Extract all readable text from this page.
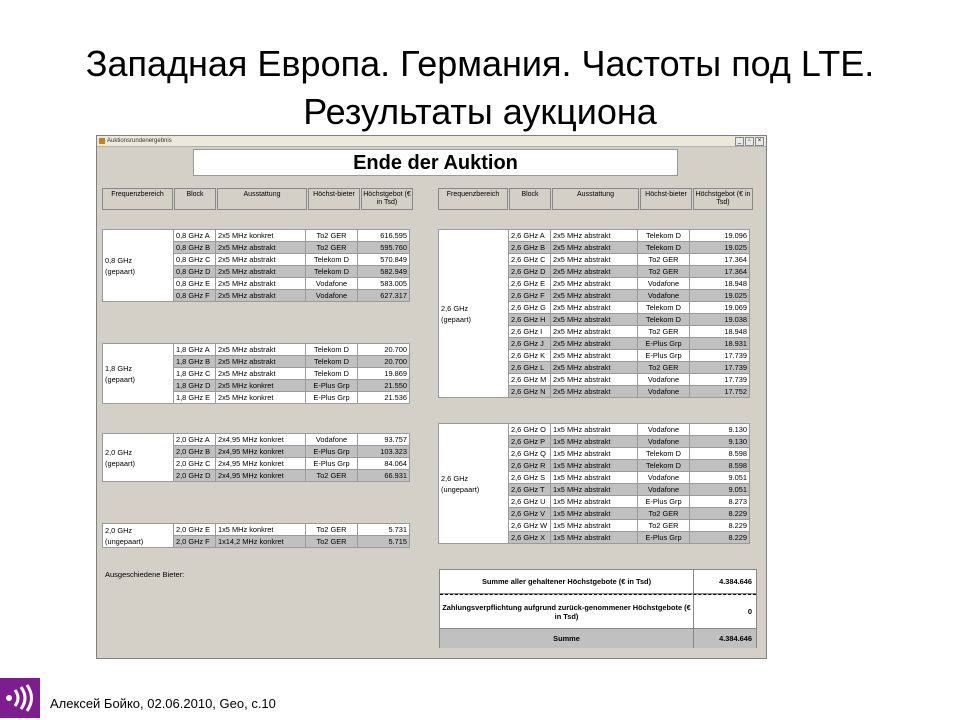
Западная Европа. Германия. Частоты под LTE. Результаты аукциона
Auktionsrundenergebnis	_	▫	×
Ende der Auktion
Frequenzbereich	Block	Ausstattung	Höchst-bieter	Höchstgebot (€ in Tsd)
Frequenzbereich	Block	Ausstattung	Höchst-bieter	Höchstgebot (€ in Tsd)
0,8 GHz
(gepaart)	0,8 GHz A	2x5 MHz konkret	To2 GER	616.595
	0,8 GHz B	2x5 MHz abstrakt	To2 GER	595.760
	0,8 GHz C	2x5 MHz abstrakt	Telekom D	570.849
	0,8 GHz D	2x5 MHz abstrakt	Telekom D	582.949
	0,8 GHz E	2x5 MHz abstrakt	Vodafone	583.005
	0,8 GHz F	2x5 MHz abstrakt	Vodafone	627.317
1,8 GHz
(gepaart)	1,8 GHz A	2x5 MHz abstrakt	Telekom D	20.700
	1,8 GHz B	2x5 MHz abstrakt	Telekom D	20.700
	1,8 GHz C	2x5 MHz abstrakt	Telekom D	19.869
	1,8 GHz D	2x5 MHz konkret	E-Plus Grp	21.550
	1,8 GHz E	2x5 MHz konkret	E-Plus Grp	21.536
2,0 GHz
(gepaart)	2,0 GHz A	2x4,95 MHz konkret	Vodafone	93.757
	2,0 GHz B	2x4,95 MHz konkret	E-Plus Grp	103.323
	2,0 GHz C	2x4,95 MHz konkret	E-Plus Grp	84.064
	2,0 GHz D	2x4,95 MHz konkret	To2 GER	66.931
2,0 GHz
(ungepaart)	2,0 GHz E	1x5 MHz konkret	To2 GER	5.731
	2,0 GHz F	1x14,2 MHz konkret	To2 GER	5.715
2,6 GHz
(gepaart)	2,6 GHz A	2x5 MHz abstrakt	Telekom D	19.096
	2,6 GHz B	2x5 MHz abstrakt	Telekom D	19.025
	2,6 GHz C	2x5 MHz abstrakt	To2 GER	17.364
	2,6 GHz D	2x5 MHz abstrakt	To2 GER	17.364
	2,6 GHz E	2x5 MHz abstrakt	Vodafone	18.948
	2,6 GHz F	2x5 MHz abstrakt	Vodafone	19.025
	2,6 GHz G	2x5 MHz abstrakt	Telekom D	19.069
	2,6 GHz H	2x5 MHz abstrakt	Telekom D	19.038
	2,6 GHz I	2x5 MHz abstrakt	To2 GER	18.948
	2,6 GHz J	2x5 MHz abstrakt	E-Plus Grp	18.931
	2,6 GHz K	2x5 MHz abstrakt	E-Plus Grp	17.739
	2,6 GHz L	2x5 MHz abstrakt	To2 GER	17.739
	2,6 GHz M	2x5 MHz abstrakt	Vodafone	17.739
	2,6 GHz N	2x5 MHz abstrakt	Vodafone	17.752
2,6 GHz
(ungepaart)	2,6 GHz O	1x5 MHz abstrakt	Vodafone	9.130
	2,6 GHz P	1x5 MHz abstrakt	Vodafone	9.130
	2,6 GHz Q	1x5 MHz abstrakt	Telekom D	8.598
	2,6 GHz R	1x5 MHz abstrakt	Telekom D	8.598
	2,6 GHz S	1x5 MHz abstrakt	Vodafone	9.051
	2,6 GHz T	1x5 MHz abstrakt	Vodafone	9.051
	2,6 GHz U	1x5 MHz abstrakt	E-Plus Grp	8.273
	2,6 GHz V	1x5 MHz abstrakt	To2 GER	8.229
	2,6 GHz W	1x5 MHz abstrakt	To2 GER	8.229
	2,6 GHz X	1x5 MHz abstrakt	E-Plus Grp	8.229
Ausgeschiedene Bieter:
Summe aller gehaltener Höchstgebote (€ in Tsd)	4.384.646
Zahlungsverpflichtung aufgrund zurück-genommener Höchstgebote (€ in Tsd)	0
Summe	4.384.646
Алексей Бойко, 02.06.2010, Geo, с.10
